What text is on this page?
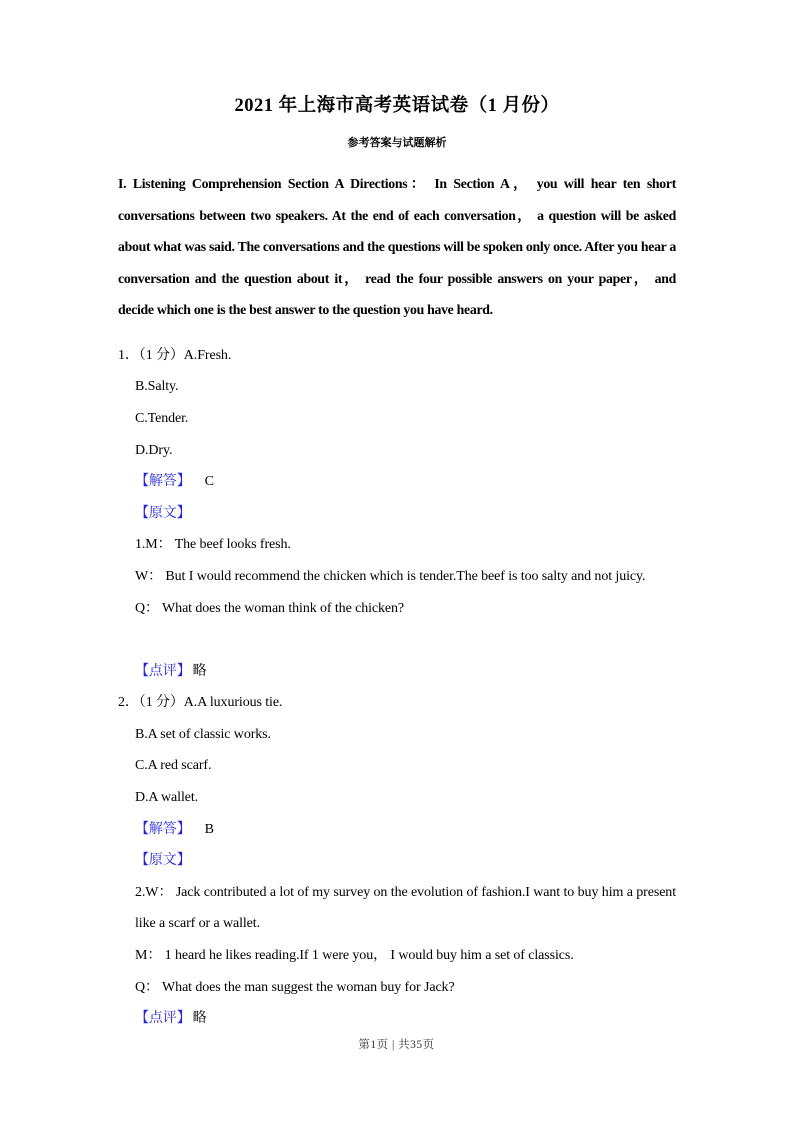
2021 年上海市高考英语试卷（1 月份）
参考答案与试题解析

I. Listening Comprehension Section A Directions： In Section A， you will hear ten short conversations between two speakers. At the end of each conversation， a question will be asked about what was said. The conversations and the questions will be spoken only once. After you hear a conversation and the question about it， read the four possible answers on your paper， and decide which one is the best answer to the question you have heard.

1．（1 分）A.Fresh.

B.Salty.

C.Tender.

D.Dry.

【解答】 C

【原文】

1.M： The beef looks fresh.

W： But I would recommend the chicken which is tender.The beef is too salty and not juicy.

Q： What does the woman think of the chicken?

【点评】 略

2．（1 分）A.A luxurious tie.

B.A set of classic works.

C.A red scarf.

D.A wallet.

【解答】 B

【原文】

2.W： Jack contributed a lot of my survey on the evolution of fashion.I want to buy him a present like a scarf or a wallet.

M： 1 heard he likes reading.If 1 were you， I would buy him a set of classics.

Q： What does the man suggest the woman buy for Jack?

【点评】 略

第1页 | 共35页
